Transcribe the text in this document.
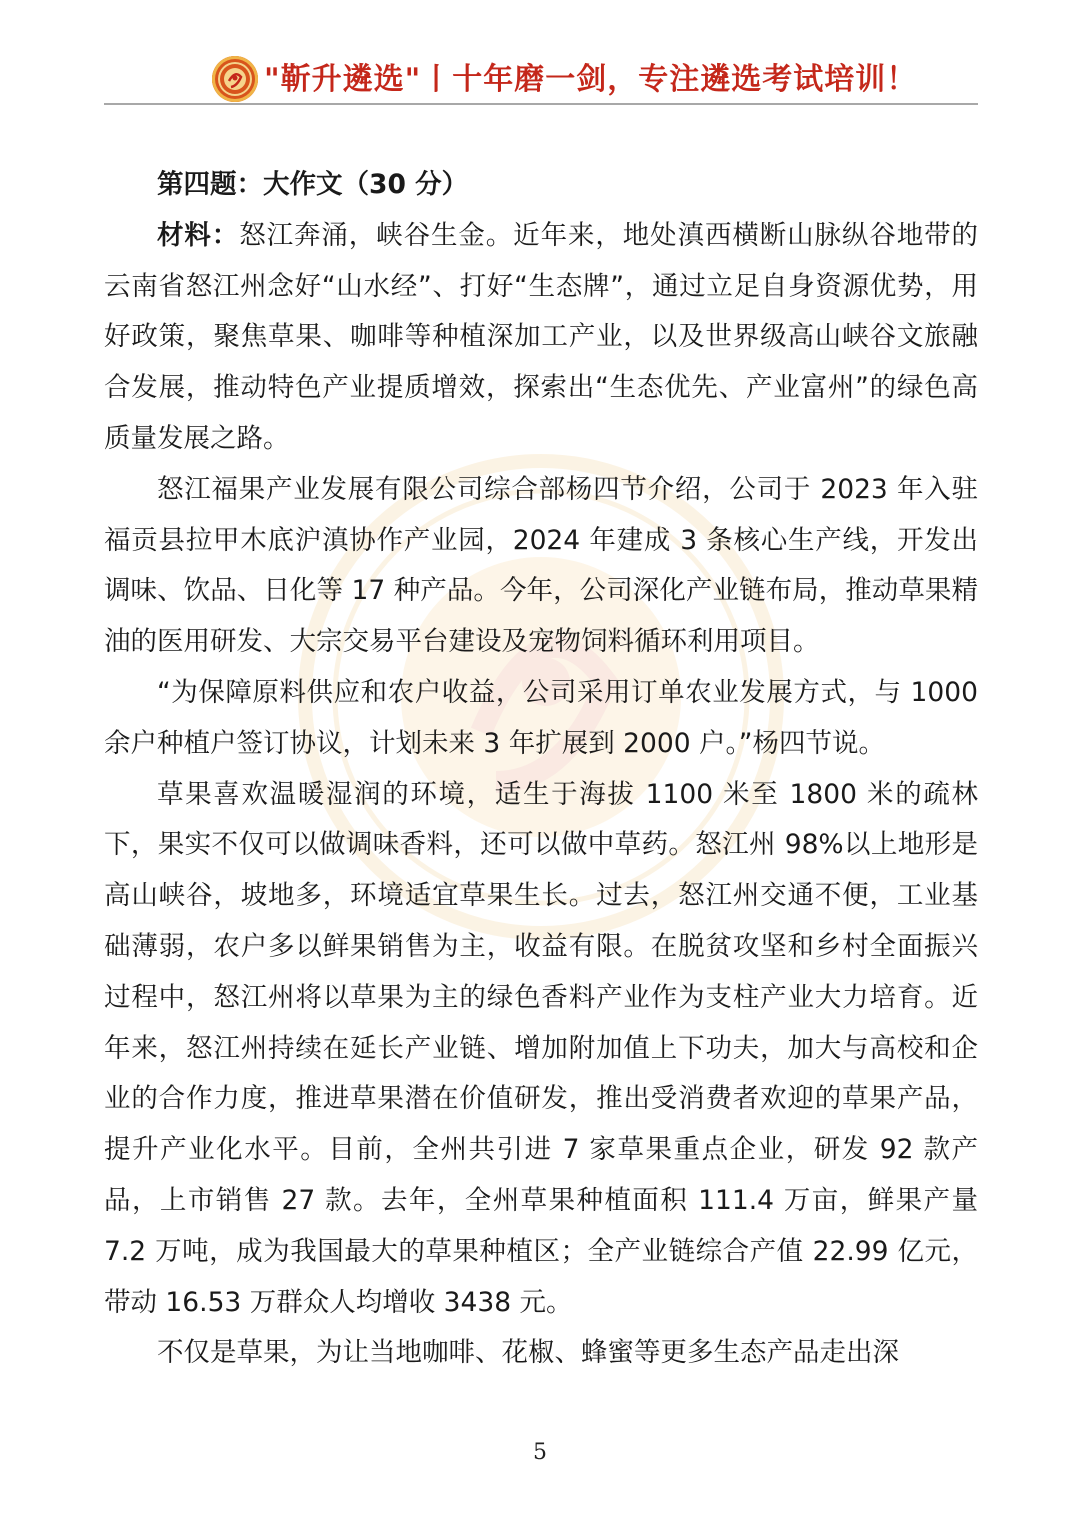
"靳升遴选"丨十年磨一剑，专注遴选考试培训！

第四题：大作文（30 分）

材料：怒江奔涌，峡谷生金。近年来，地处滇西横断山脉纵谷地带的云南省怒江州念好“山水经”、打好“生态牌”，通过立足自身资源优势，用好政策，聚焦草果、咖啡等种植深加工产业，以及世界级高山峡谷文旅融合发展，推动特色产业提质增效，探索出“生态优先、产业富州”的绿色高质量发展之路。

怒江福果产业发展有限公司综合部杨四节介绍，公司于 2023 年入驻福贡县拉甲木底沪滇协作产业园，2024 年建成 3 条核心生产线，开发出调味、饮品、日化等 17 种产品。今年，公司深化产业链布局，推动草果精油的医用研发、大宗交易平台建设及宠物饲料循环利用项目。

“为保障原料供应和农户收益，公司采用订单农业发展方式，与 1000 余户种植户签订协议，计划未来 3 年扩展到 2000 户。”杨四节说。

草果喜欢温暖湿润的环境，适生于海拔 1100 米至 1800 米的疏林下，果实不仅可以做调味香料，还可以做中草药。怒江州 98%以上地形是高山峡谷，坡地多，环境适宜草果生长。过去，怒江州交通不便，工业基础薄弱，农户多以鲜果销售为主，收益有限。在脱贫攻坚和乡村全面振兴过程中，怒江州将以草果为主的绿色香料产业作为支柱产业大力培育。近年来，怒江州持续在延长产业链、增加附加值上下功夫，加大与高校和企业的合作力度，推进草果潜在价值研发，推出受消费者欢迎的草果产品，提升产业化水平。目前，全州共引进 7 家草果重点企业，研发 92 款产品，上市销售 27 款。去年，全州草果种植面积 111.4 万亩，鲜果产量 7.2 万吨，成为我国最大的草果种植区；全产业链综合产值 22.99 亿元，带动 16.53 万群众人均增收 3438 元。

不仅是草果，为让当地咖啡、花椒、蜂蜜等更多生态产品走出深

5
